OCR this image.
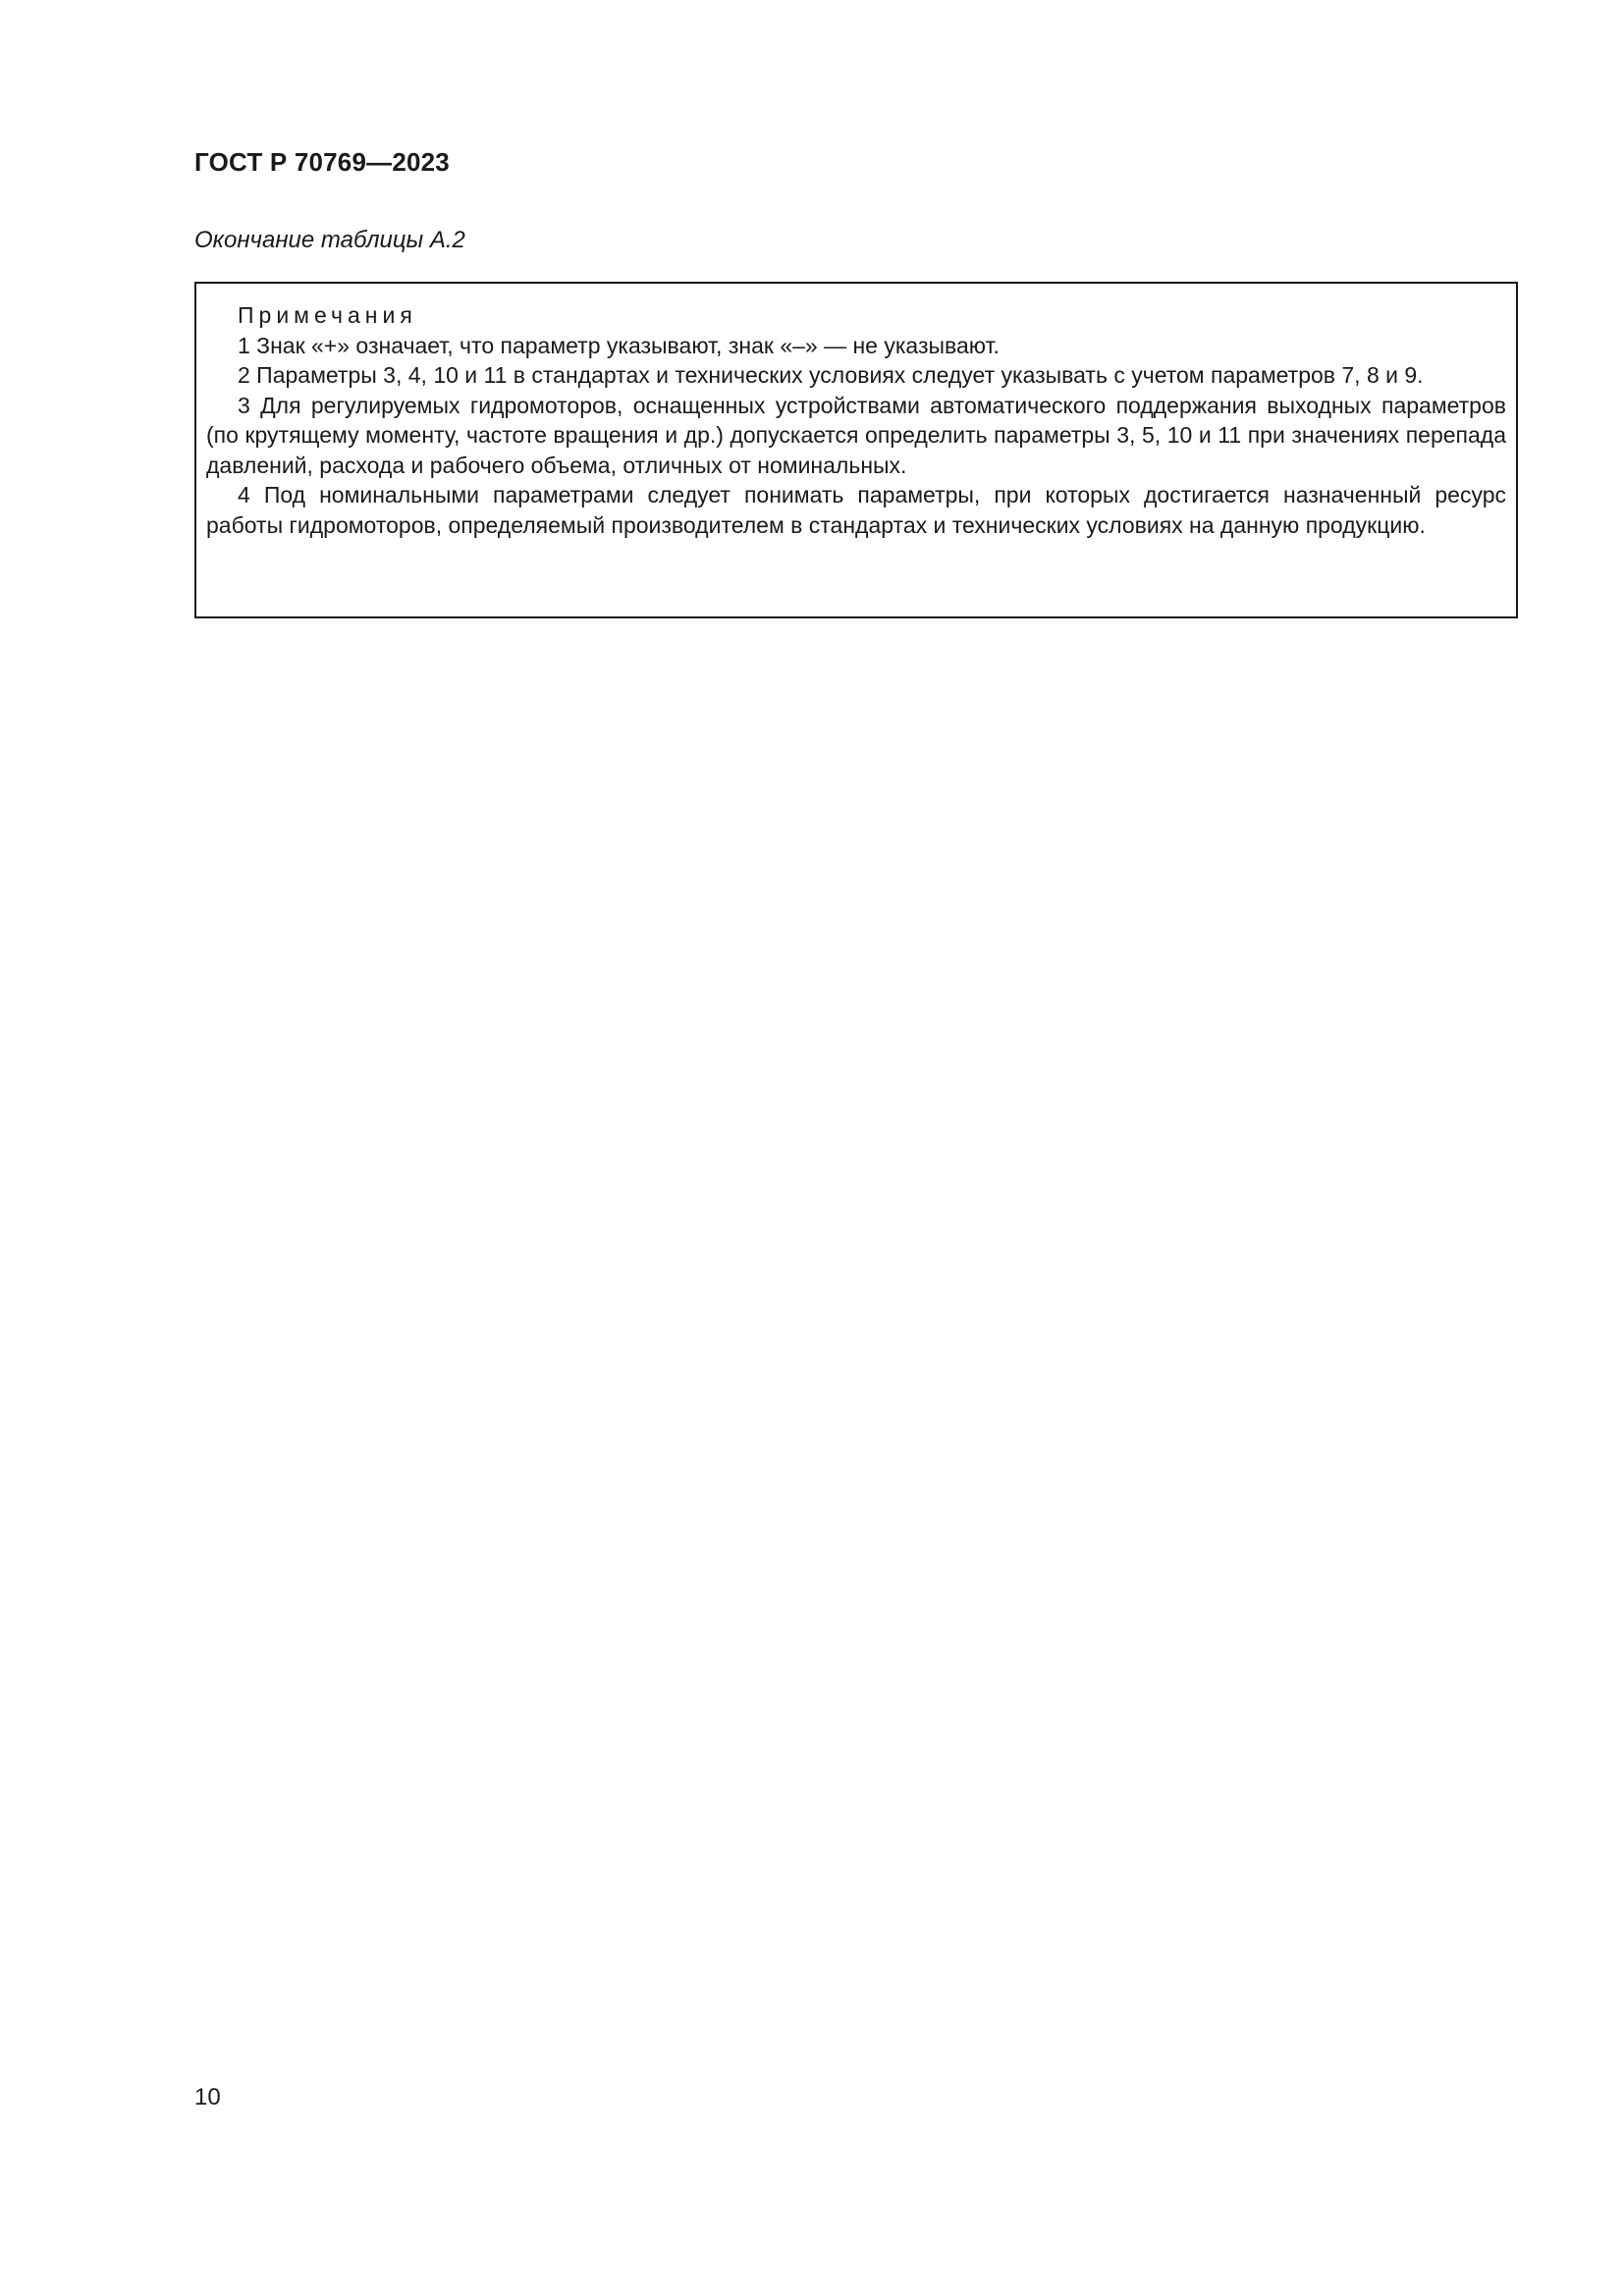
ГОСТ Р 70769—2023

Окончание таблицы А.2

Примечания

1 Знак «+» означает, что параметр указывают, знак «–» — не указывают.

2 Параметры 3, 4, 10 и 11 в стандартах и технических условиях следует указывать с учетом параметров 7, 8 и 9.

3 Для регулируемых гидромоторов, оснащенных устройствами автоматического поддержания выходных параметров (по крутящему моменту, частоте вращения и др.) допускается определить параметры 3, 5, 10 и 11 при значениях перепада давлений, расхода и рабочего объема, отличных от номинальных.

4 Под номинальными параметрами следует понимать параметры, при которых достигается назначенный ресурс работы гидромоторов, определяемый производителем в стандартах и технических условиях на данную продукцию.

10
